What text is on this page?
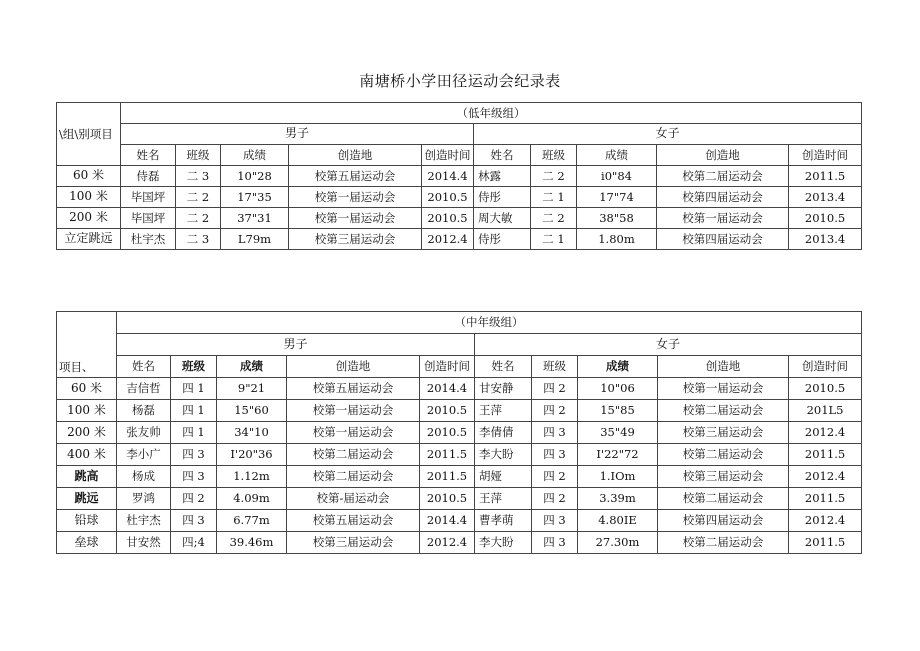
南塘桥小学田径运动会纪录表
\组\别项目	（低年级组）									
	男子					女子				
	姓名	班级	成绩	创造地	创造时间	姓名	班级	成绩	创造地	创造时间
60 米	侍磊	二 3	10"28	校第五届运动会	2014.4	林露	二 2	i0"84	校第二届运动会	2011.5
100 米	毕国坪	二 2	17"35	校第一届运动会	2010.5	侍彤	二 1	17"74	校第四届运动会	2013.4
200 米	毕国坪	二 2	37"31	校第一届运动会	2010.5	周大敏	二 2	38"58	校第一届运动会	2010.5
立定跳远	杜宇杰	二 3	L79m	校第三届运动会	2012.4	侍彤	二 1	1.80m	校第四届运动会	2013.4
项目、	（中年级组）									
	男子					女子				
	姓名	班级	成绩	创造地	创造时间	姓名	班级	成绩	创造地	创造时间
60 米	吉信哲	四 1	9"21	校第五届运动会	2014.4	甘安静	四 2	10"06	校第一届运动会	2010.5
100 米	杨磊	四 1	15"60	校第一届运动会	2010.5	王萍	四 2	15"85	校第二届运动会	201L5
200 米	张友帅	四 1	34"10	校第一届运动会	2010.5	李倩倩	四 3	35"49	校第三届运动会	2012.4
400 米	李小广	四 3	I'20"36	校第二届运动会	2011.5	李大盼	四 3	I'22"72	校第二届运动会	2011.5
跳高	杨成	四 3	1.12m	校第二届运动会	2011.5	胡娅	四 2	1.IOm	校第三届运动会	2012.4
跳远	罗鸿	四 2	4.09m	校第-届运动会	2010.5	王萍	四 2	3.39m	校第二届运动会	2011.5
铅球	杜宇杰	四 3	6.77m	校第五届运动会	2014.4	曹孝萌	四 3	4.80IE	校第四届运动会	2012.4
垒球	甘安然	四;4	39.46m	校第三届运动会	2012.4	李大盼	四 3	27.30m	校第二届运动会	2011.5
